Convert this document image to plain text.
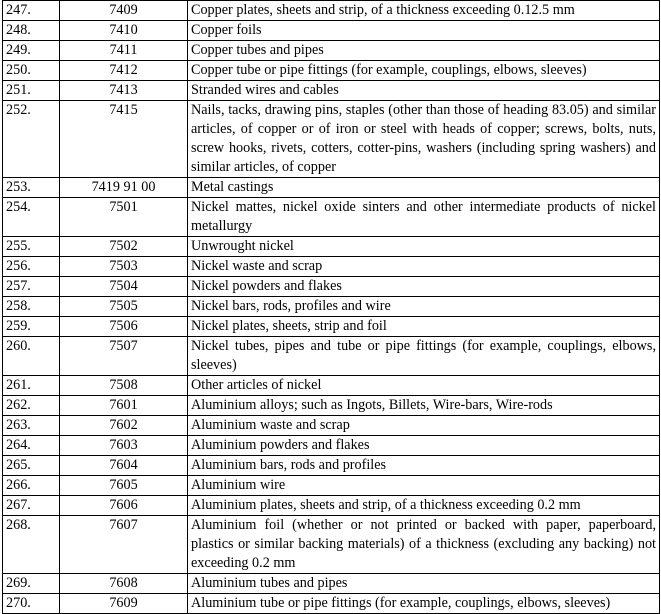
247.	7409	Copper plates, sheets and strip, of a thickness exceeding 0.12.5 mm
248.	7410	Copper foils
249.	7411	Copper tubes and pipes
250.	7412	Copper tube or pipe fittings (for example, couplings, elbows, sleeves)
251.	7413	Stranded wires and cables
252.	7415	Nails, tacks, drawing pins, staples (other than those of heading 83.05) and similar articles, of copper or of iron or steel with heads of copper; screws, bolts, nuts, screw hooks, rivets, cotters, cotter-pins, washers (including spring washers) and similar articles, of copper
253.	7419 91 00	Metal castings
254.	7501	Nickel mattes, nickel oxide sinters and other intermediate products of nickel metallurgy
255.	7502	Unwrought nickel
256.	7503	Nickel waste and scrap
257.	7504	Nickel powders and flakes
258.	7505	Nickel bars, rods, profiles and wire
259.	7506	Nickel plates, sheets, strip and foil
260.	7507	Nickel tubes, pipes and tube or pipe fittings (for example, couplings, elbows, sleeves)
261.	7508	Other articles of nickel
262.	7601	Aluminium alloys; such as Ingots, Billets, Wire-bars, Wire-rods
263.	7602	Aluminium waste and scrap
264.	7603	Aluminium powders and flakes
265.	7604	Aluminium bars, rods and profiles
266.	7605	Aluminium wire
267.	7606	Aluminium plates, sheets and strip, of a thickness exceeding 0.2 mm
268.	7607	Aluminium foil (whether or not printed or backed with paper, paperboard, plastics or similar backing materials) of a thickness (excluding any backing) not exceeding 0.2 mm
269.	7608	Aluminium tubes and pipes
270.	7609	Aluminium tube or pipe fittings (for example, couplings, elbows, sleeves)
